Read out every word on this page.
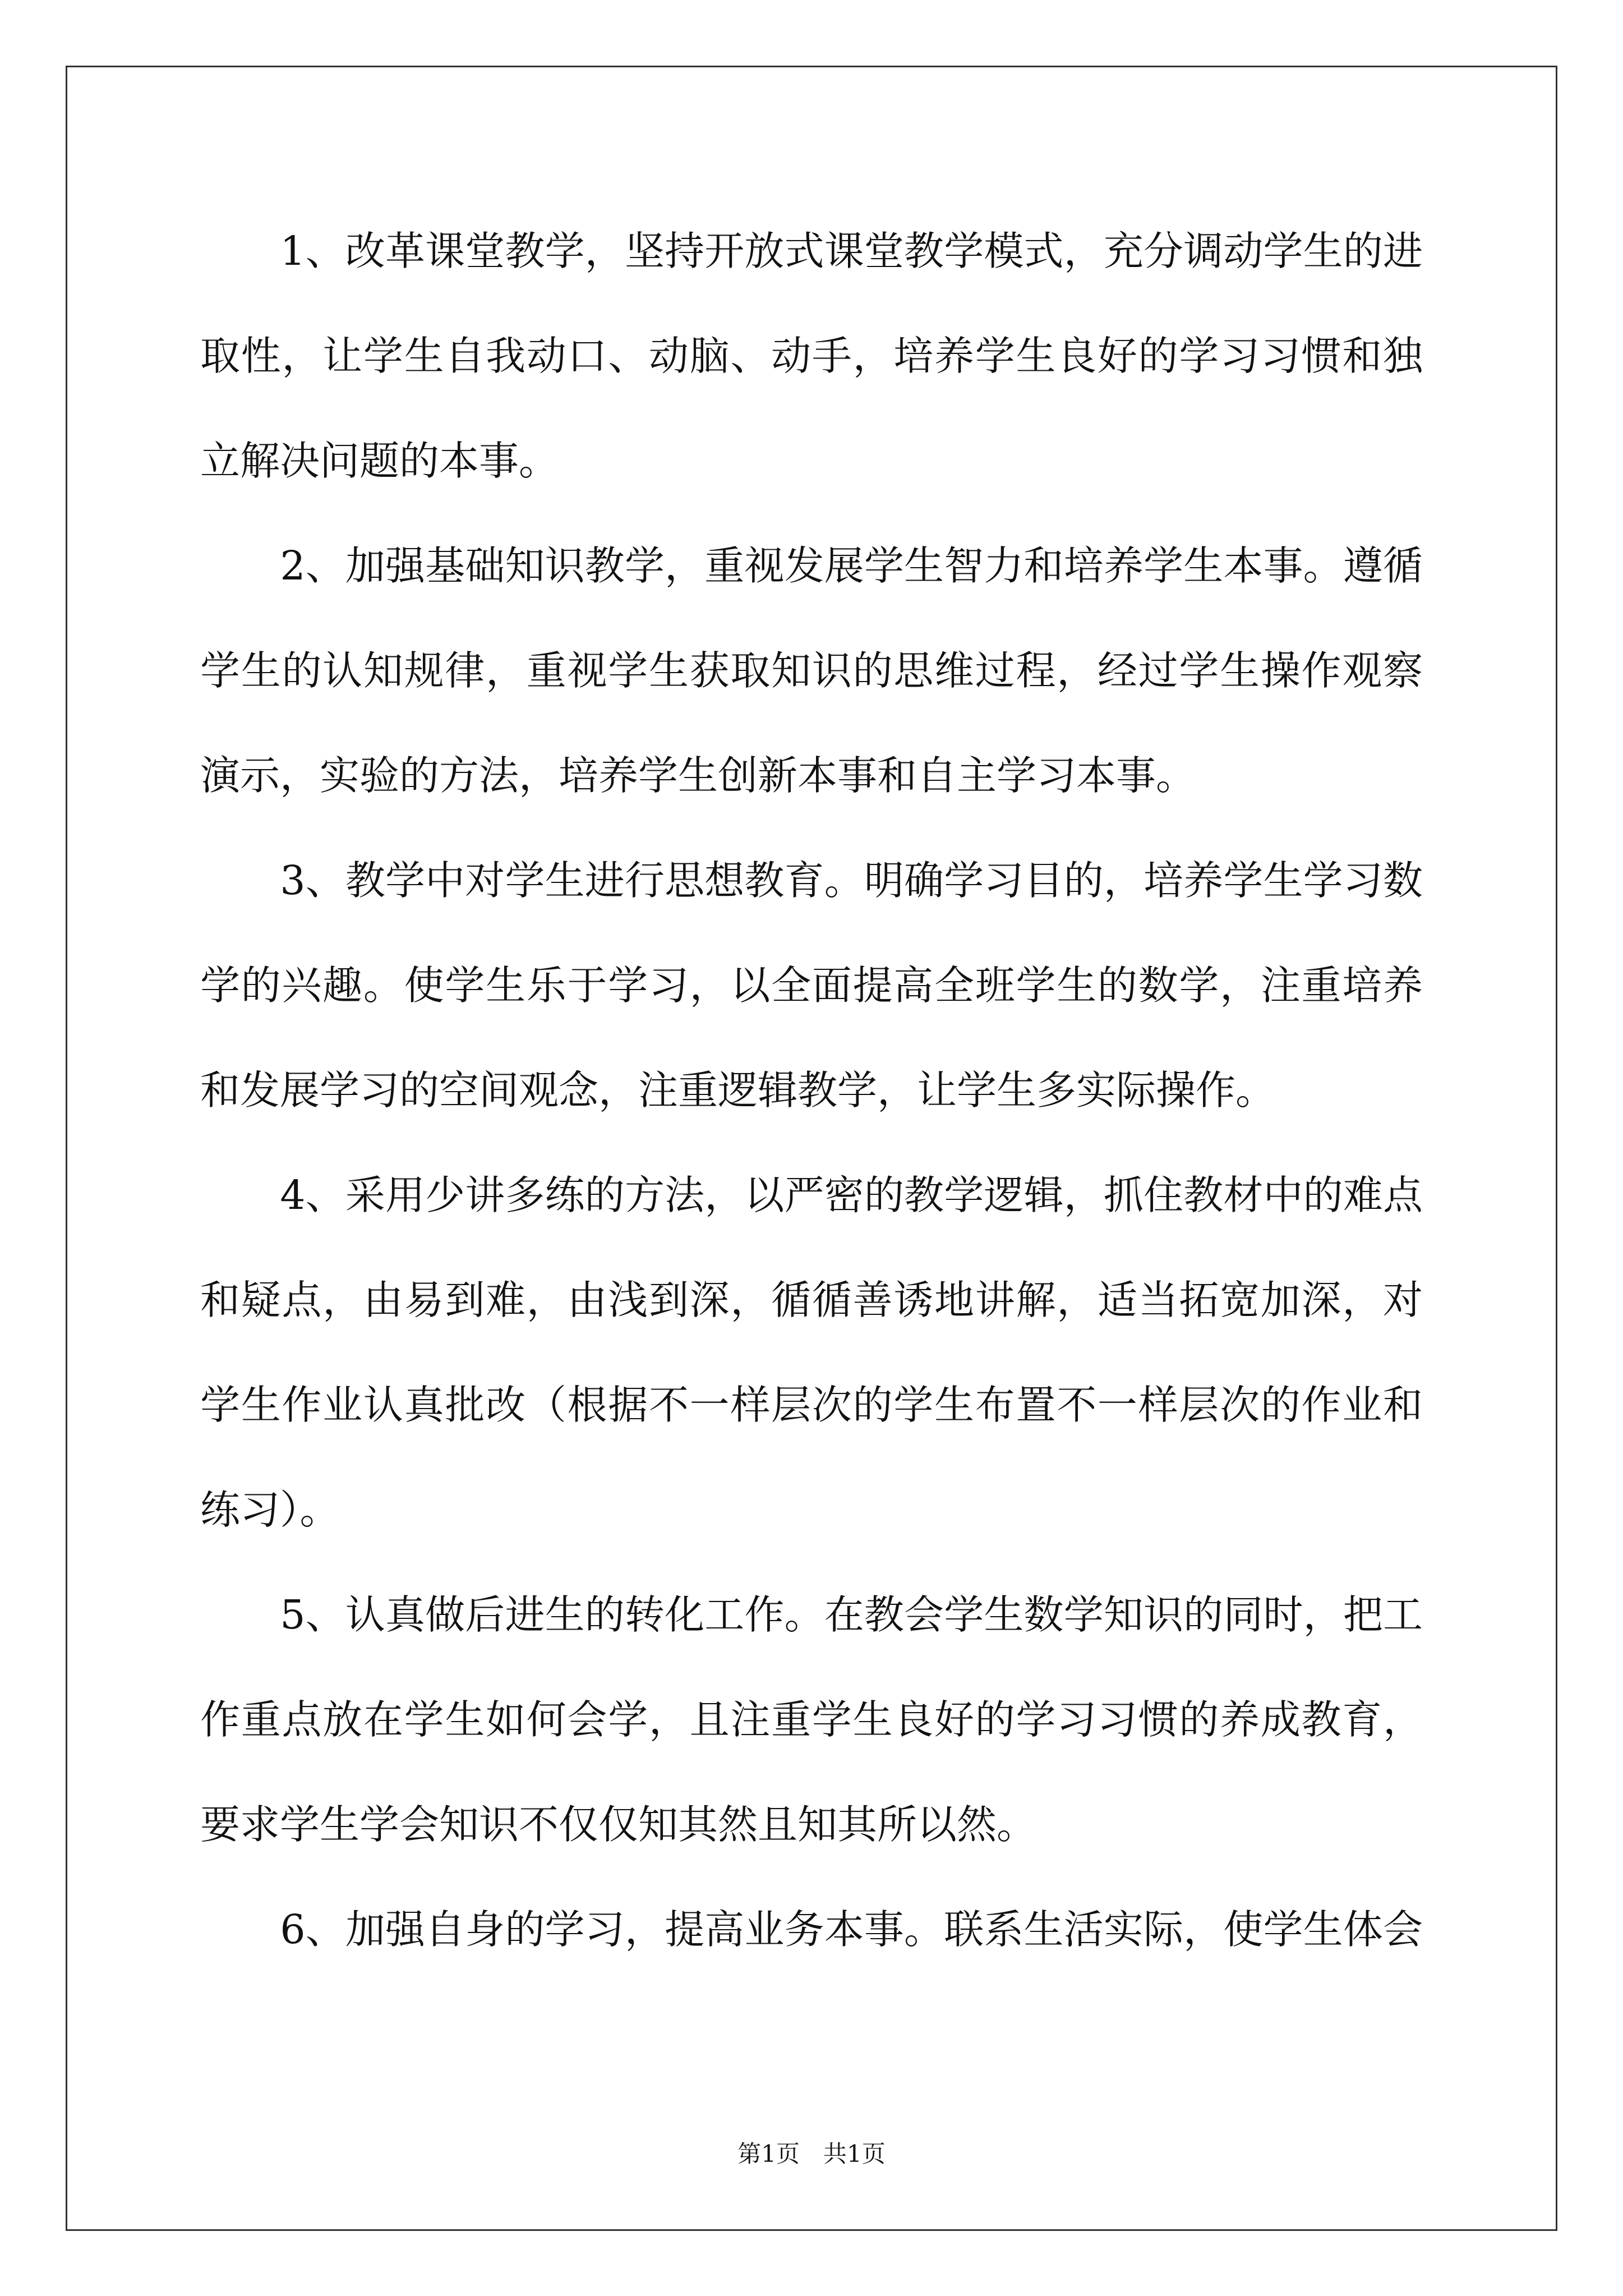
　　1、改革课堂教学，坚持开放式课堂教学模式，充分调动学生的进
取性，让学生自我动口、动脑、动手，培养学生良好的学习习惯和独
立解决问题的本事。
　　2、加强基础知识教学，重视发展学生智力和培养学生本事。遵循
学生的认知规律，重视学生获取知识的思维过程，经过学生操作观察
演示，实验的方法，培养学生创新本事和自主学习本事。
　　3、教学中对学生进行思想教育。明确学习目的，培养学生学习数
学的兴趣。使学生乐于学习，以全面提高全班学生的数学，注重培养
和发展学习的空间观念，注重逻辑教学，让学生多实际操作。
　　4、采用少讲多练的方法，以严密的教学逻辑，抓住教材中的难点
和疑点，由易到难，由浅到深，循循善诱地讲解，适当拓宽加深，对
学生作业认真批改（根据不一样层次的学生布置不一样层次的作业和
练习）。
　　5、认真做后进生的转化工作。在教会学生数学知识的同时，把工
作重点放在学生如何会学，且注重学生良好的学习习惯的养成教育，
要求学生学会知识不仅仅知其然且知其所以然。
　　6、加强自身的学习，提高业务本事。联系生活实际，使学生体会
第1页　共1页
